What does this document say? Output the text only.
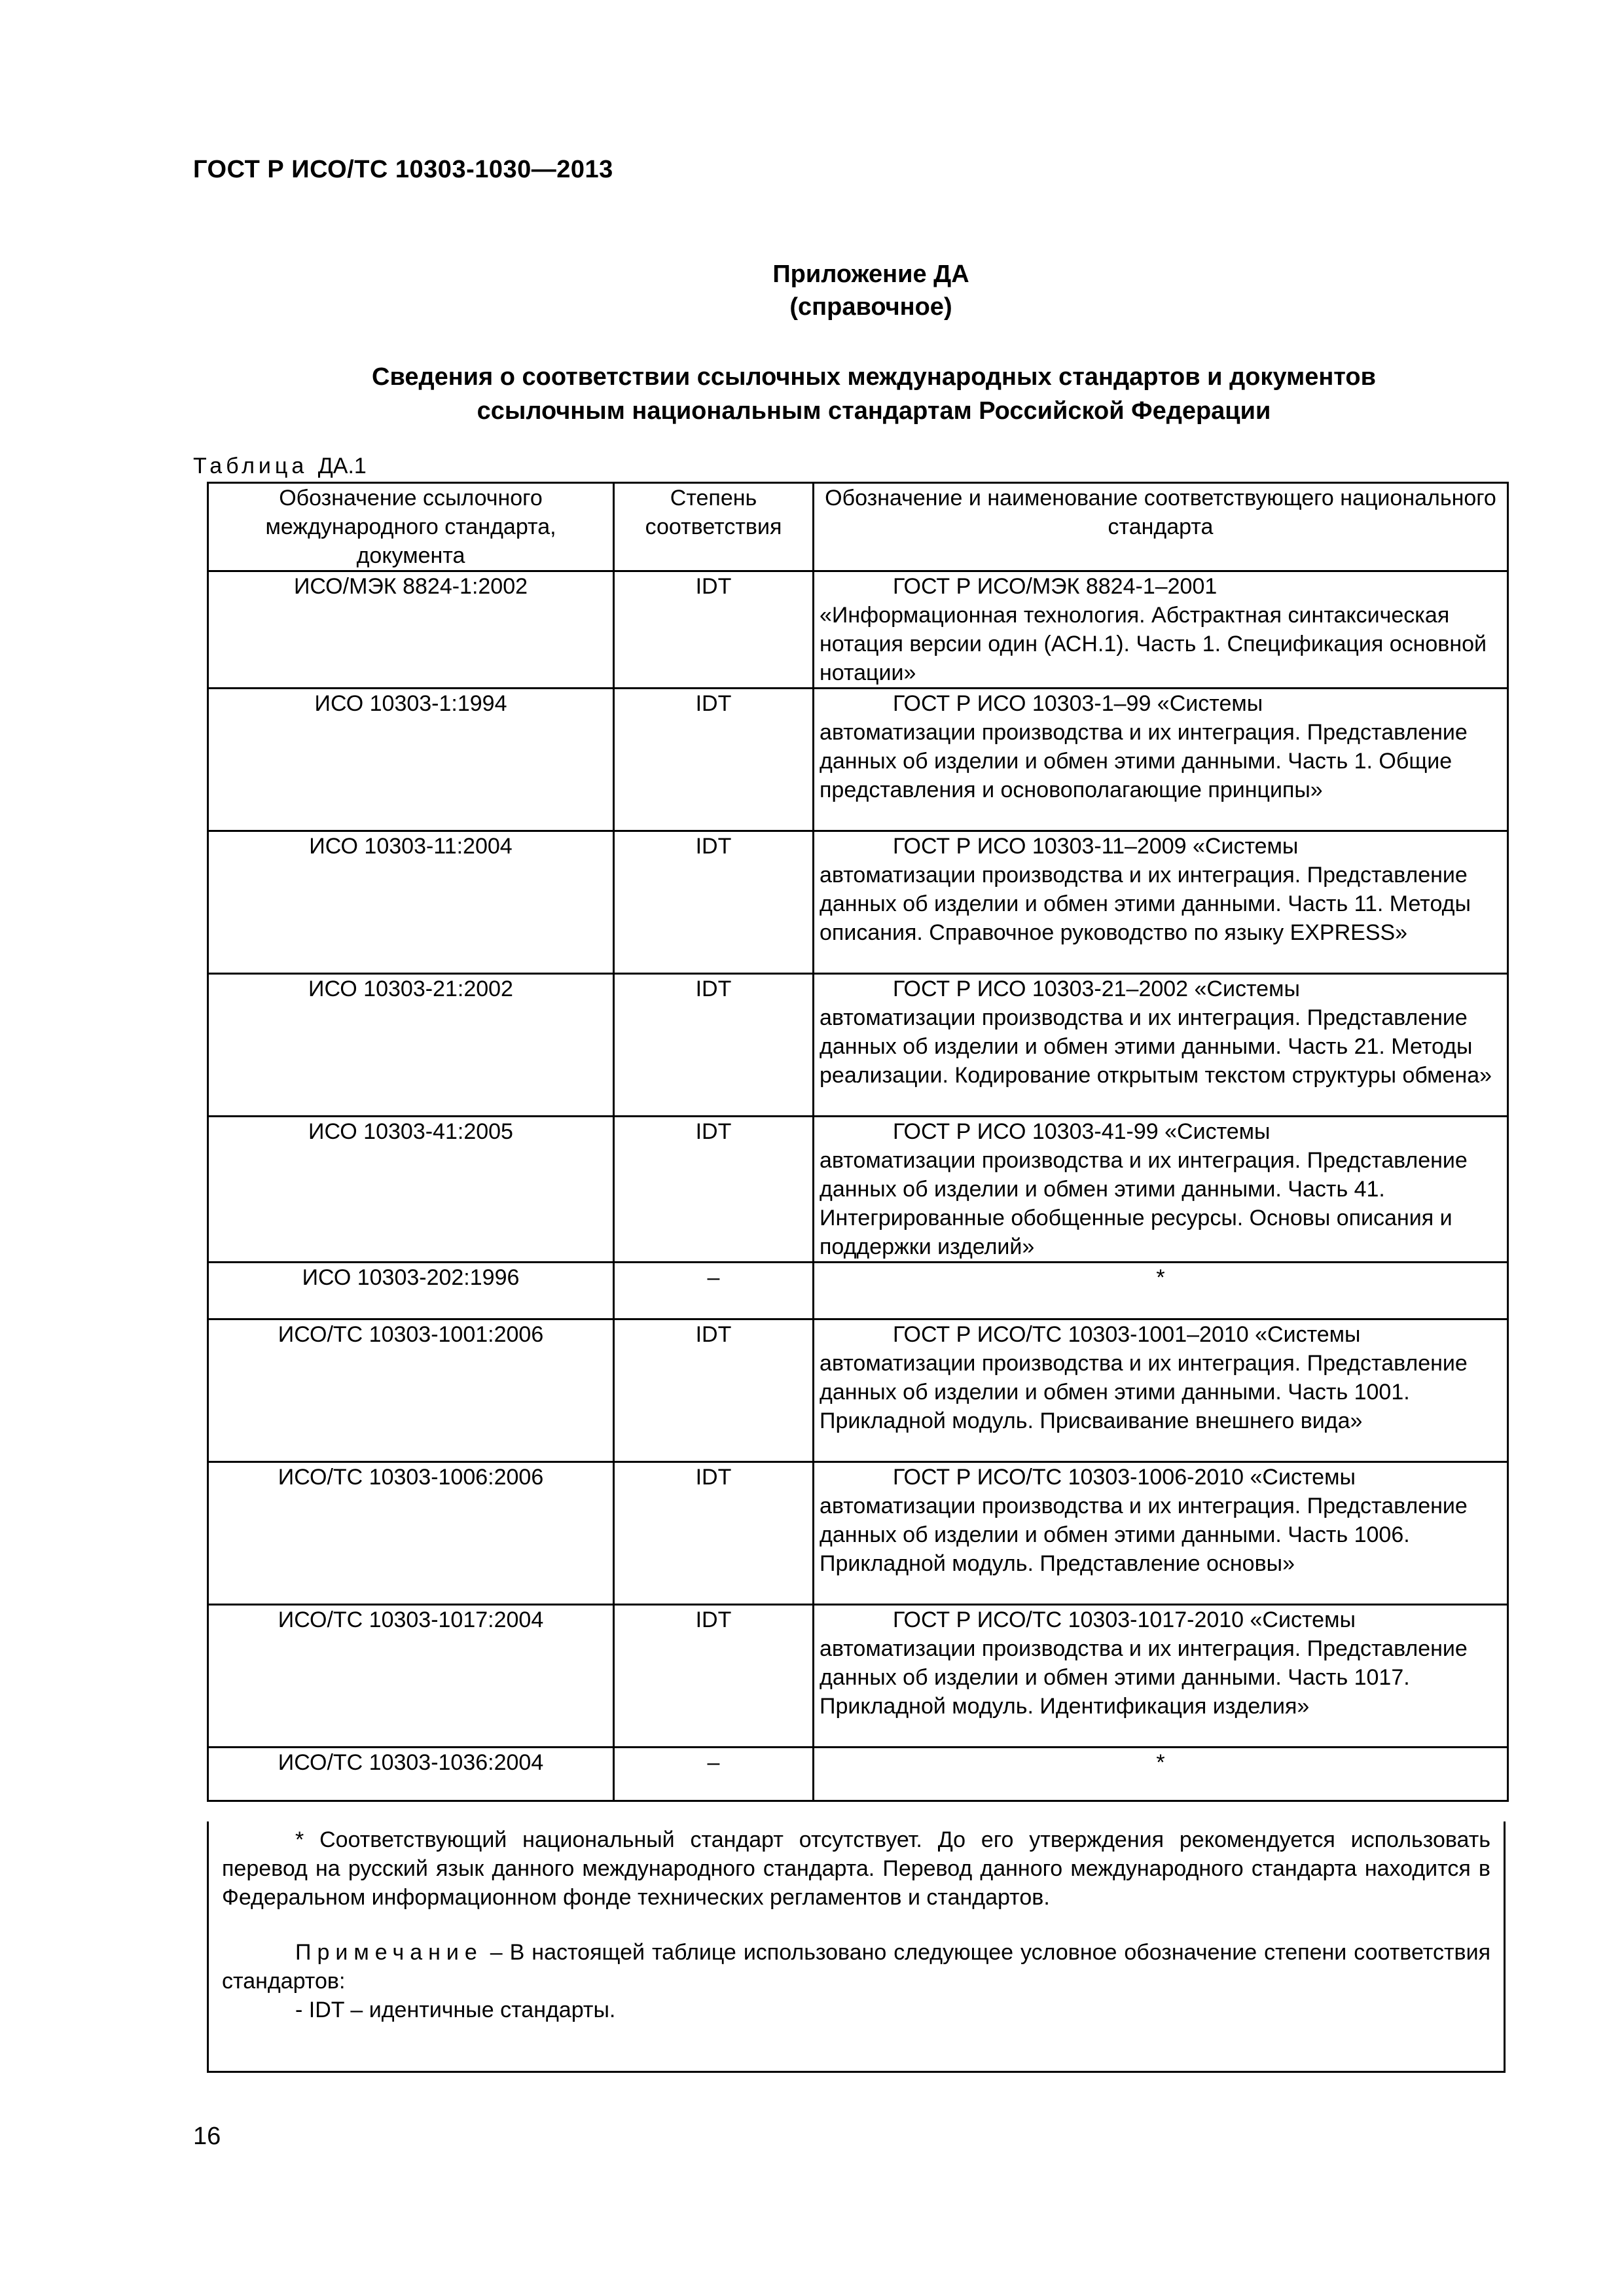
ГОСТ Р ИСО/ТС 10303-1030—2013
Приложение ДА
(справочное)
Сведения о соответствии ссылочных международных стандартов и документов
ссылочным национальным стандартам Российской Федерации
Таблица ДА.1
Обозначение ссылочного международного стандарта, документа	Степень соответствия	Обозначение и наименование соответствующего национального стандарта
ИСО/МЭК 8824-1:2002	IDT	ГОСТ Р ИСО/МЭК 8824-1–2001
«Информационная технология. Абстрактная синтаксическая нотация версии один (АСН.1). Часть 1. Спецификация основной нотации»

ИСО 10303-1:1994	IDT	ГОСТ Р ИСО 10303-1–99 «Системы
автоматизации производства и их интеграция. Представление данных об изделии и обмен этими данными. Часть 1. Общие представления и основополагающие принципы»

ИСО 10303-11:2004	IDT	ГОСТ Р ИСО 10303-11–2009 «Системы
автоматизации производства и их интеграция. Представление данных об изделии и обмен этими данными. Часть 11. Методы описания. Справочное руководство по языку EXPRESS»

ИСО 10303-21:2002	IDT	ГОСТ Р ИСО 10303-21–2002 «Системы
автоматизации производства и их интеграция. Представление данных об изделии и обмен этими данными. Часть 21. Методы реализации. Кодирование открытым текстом структуры обмена»

ИСО 10303-41:2005	IDT	ГОСТ Р ИСО 10303-41-99 «Системы
автоматизации производства и их интеграция. Представление данных об изделии и обмен этими данными. Часть 41. Интегрированные обобщенные ресурсы. Основы описания и поддержки изделий»

ИСО 10303-202:1996	–	*
ИСО/ТС 10303-1001:2006	IDT	ГОСТ Р ИСО/ТС 10303-1001–2010 «Системы
автоматизации производства и их интеграция. Представление данных об изделии и обмен этими данными. Часть 1001. Прикладной модуль. Присваивание внешнего вида»

ИСО/ТС 10303-1006:2006	IDT	ГОСТ Р ИСО/ТС 10303-1006-2010 «Системы
автоматизации производства и их интеграция. Представление данных об изделии и обмен этими данными. Часть 1006. Прикладной модуль. Представление основы»

ИСО/ТС 10303-1017:2004	IDT	ГОСТ Р ИСО/ТС 10303-1017-2010 «Системы
автоматизации производства и их интеграция. Представление данных об изделии и обмен этими данными. Часть 1017. Прикладной модуль. Идентификация изделия»

ИСО/ТС 10303-1036:2004	–	*
* Соответствующий национальный стандарт отсутствует. До его утверждения рекомендуется использовать перевод на русский язык данного международного стандарта. Перевод данного международного стандарта находится в Федеральном информационном фонде технических регламентов и стандартов.
Примечание – В настоящей таблице использовано следующее условное обозначение степени соответствия стандартов:
- IDT – идентичные стандарты.
16
